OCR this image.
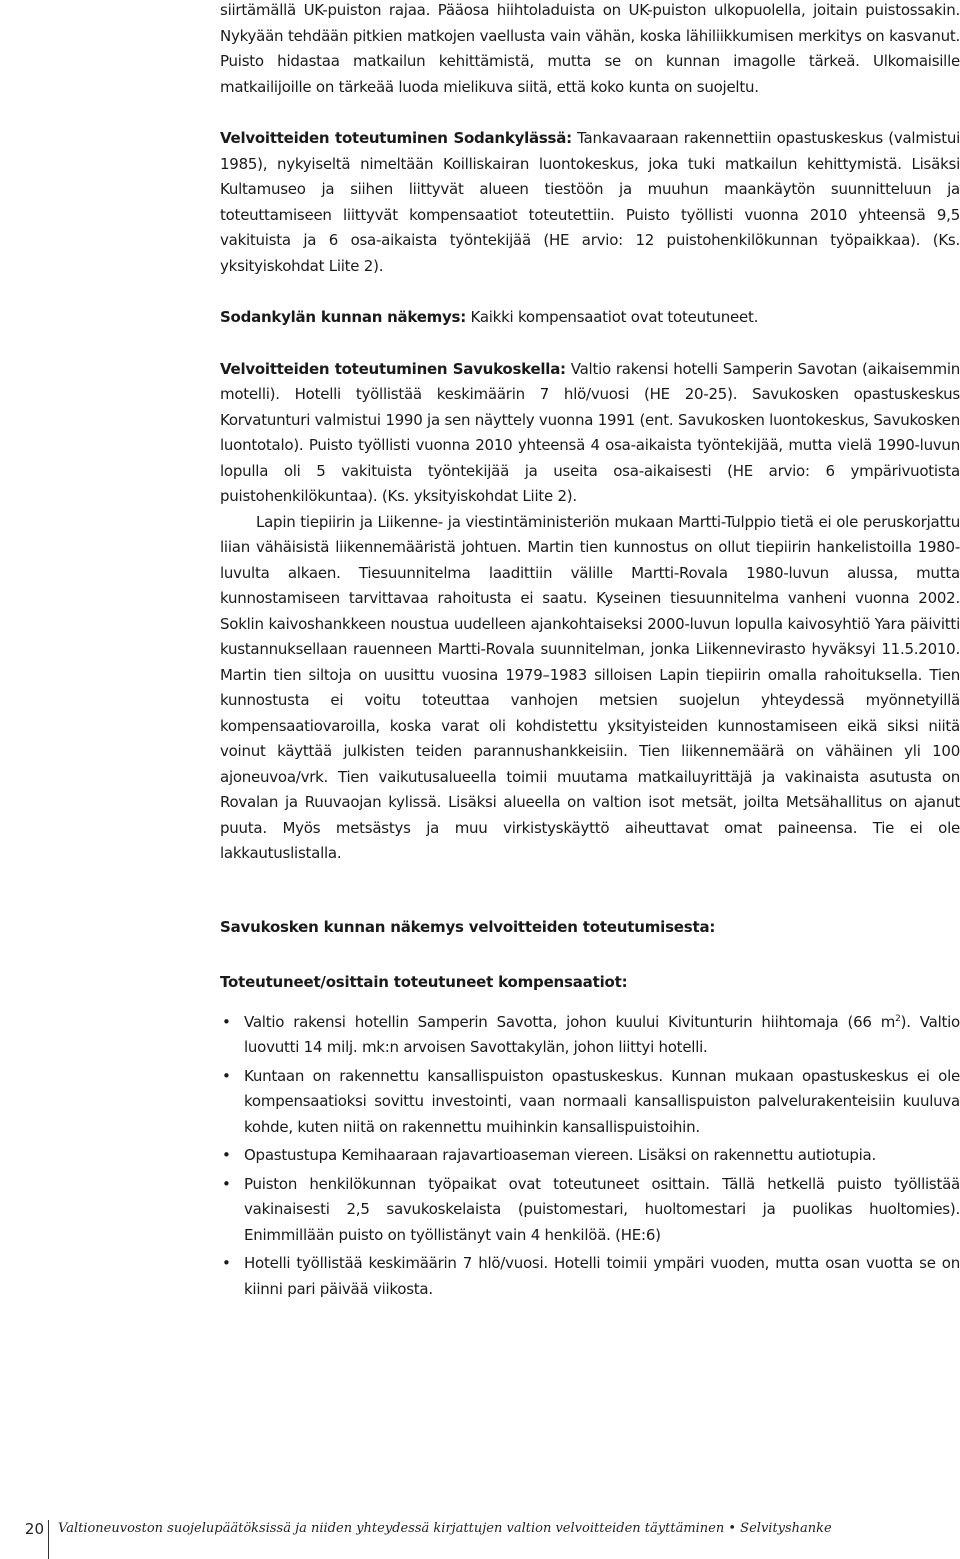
siirtämällä UK-puiston rajaa. Pääosa hiihtoladuista on UK-puiston ulkopuolella, joitain puistossakin. Nykyään tehdään pitkien matkojen vaellusta vain vähän, koska lähiliikkumisen merkitys on kasvanut. Puisto hidastaa matkailun kehittämistä, mutta se on kunnan imagolle tärkeä. Ulkomaisille matkailijoille on tärkeää luoda mielikuva siitä, että koko kunta on suojeltu.

Velvoitteiden toteutuminen Sodankylässä: Tankavaaraan rakennettiin opastuskeskus (valmistui 1985), nykyiseltä nimeltään Koilliskairan luontokeskus, joka tuki matkailun kehittymistä. Lisäksi Kultamuseo ja siihen liittyvät alueen tiestöön ja muuhun maankäytön suunnitteluun ja toteuttamiseen liittyvät kompensaatiot toteutettiin. Puisto työllisti vuonna 2010 yhteensä 9,5 vakituista ja 6 osa-aikaista työntekijää (HE arvio: 12 puistohenkilökunnan työpaikkaa). (Ks. yksityiskohdat Liite 2).

Sodankylän kunnan näkemys: Kaikki kompensaatiot ovat toteutuneet.

Velvoitteiden toteutuminen Savukoskella: Valtio rakensi hotelli Samperin Savotan (aikaisemmin motelli). Hotelli työllistää keskimäärin 7 hlö/vuosi (HE 20-25). Savukosken opastuskeskus Korvatunturi valmistui 1990 ja sen näyttely vuonna 1991 (ent. Savukosken luontokeskus, Savukosken luontotalo). Puisto työllisti vuonna 2010 yhteensä 4 osa-aikaista työntekijää, mutta vielä 1990-luvun lopulla oli 5 vakituista työntekijää ja useita osa-aikaisesti (HE arvio: 6 ympärivuotista puistohenkilökuntaa). (Ks. yksityiskohdat Liite 2).

Lapin tiepiirin ja Liikenne- ja viestintäministeriön mukaan Martti-Tulppio tietä ei ole peruskorjattu liian vähäisistä liikennemääristä johtuen. Martin tien kunnostus on ollut tiepiirin hankelistoilla 1980-luvulta alkaen. Tiesuunnitelma laadittiin välille Martti-Rovala 1980-luvun alussa, mutta kunnostamiseen tarvittavaa rahoitusta ei saatu. Kyseinen tiesuunnitelma vanheni vuonna 2002. Soklin kaivoshankkeen noustua uudelleen ajankohtaiseksi 2000-luvun lopulla kaivosyhtiö Yara päivitti kustannuksellaan rauenneen Martti-Rovala suunnitelman, jonka Liikennevirasto hyväksyi 11.5.2010. Martin tien siltoja on uusittu vuosina 1979–1983 silloisen Lapin tiepiirin omalla rahoituksella. Tien kunnostusta ei voitu toteuttaa vanhojen metsien suojelun yhteydessä myönnetyillä kompensaatiovaroilla, koska varat oli kohdistettu yksityisteiden kunnostamiseen eikä siksi niitä voinut käyttää julkisten teiden parannushankkeisiin. Tien liikennemäärä on vähäinen yli 100 ajoneuvoa/vrk. Tien vaikutusalueella toimii muutama matkailuyrittäjä ja vakinaista asutusta on Rovalan ja Ruuvaojan kylissä. Lisäksi alueella on valtion isot metsät, joilta Metsähallitus on ajanut puuta. Myös metsästys ja muu virkistyskäyttö aiheuttavat omat paineensa. Tie ei ole lakkautuslistalla.

Savukosken kunnan näkemys velvoitteiden toteutumisesta:
Toteutuneet/osittain toteutuneet kompensaatiot:
• Valtio rakensi hotellin Samperin Savotta, johon kuului Kivitunturin hiihtomaja (66 $m^2$). Valtio luovutti 14 milj. mk:n arvoisen Savottakylän, johon liittyi hotelli.
• Kuntaan on rakennettu kansallispuiston opastuskeskus. Kunnan mukaan opastuskeskus ei ole kompensaatioksi sovittu investointi, vaan normaali kansallispuiston palvelurakenteisiin kuuluva kohde, kuten niitä on rakennettu muihinkin kansallispuistoihin.
• Opastustupa Kemihaaraan rajavartioaseman viereen. Lisäksi on rakennettu autiotupia.
• Puiston henkilökunnan työpaikat ovat toteutuneet osittain. Tällä hetkellä puisto työllistää vakinaisesti 2,5 savukoskelaista (puistomestari, huoltomestari ja puolikas huoltomies). Enimmillään puisto on työllistänyt vain 4 henkilöä. (HE:6)
• Hotelli työllistää keskimäärin 7 hlö/vuosi. Hotelli toimii ympäri vuoden, mutta osan vuotta se on kiinni pari päivää viikosta.
20 Valtioneuvoston suojelupäätöksissä ja niiden yhteydessä kirjattujen valtion velvoitteiden täyttäminen • Selvityshanke
